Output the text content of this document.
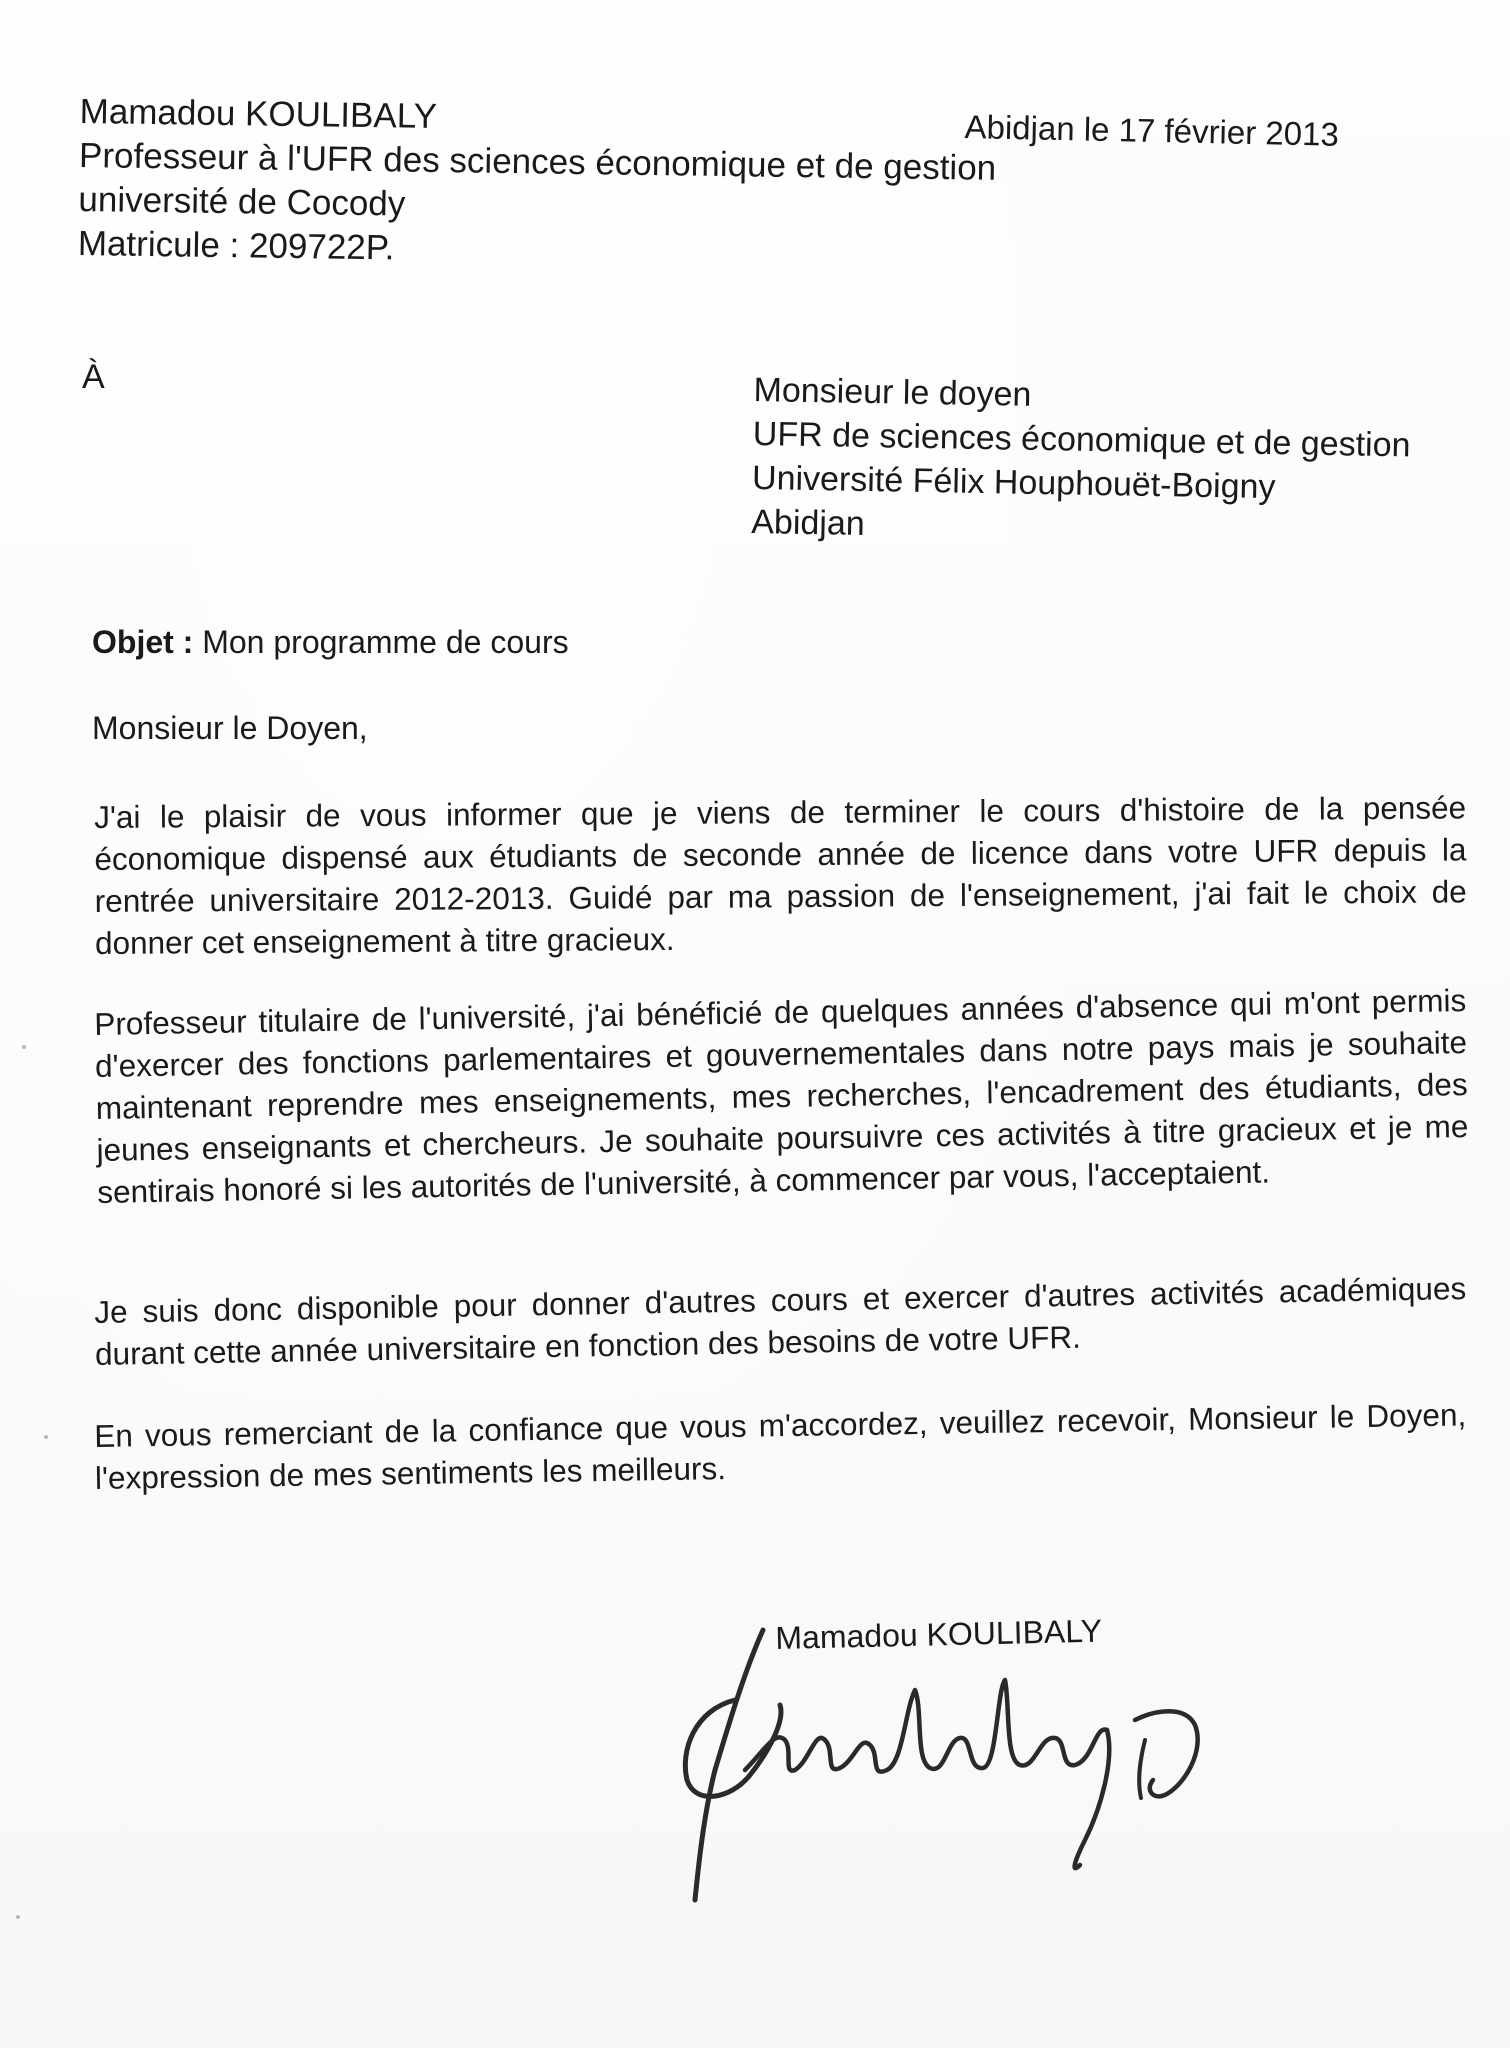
Mamadou KOULIBALY
Professeur à l'UFR des sciences économique et de gestion
université de Cocody
Matricule : 209722P.
Abidjan le 17 février 2013
À	Monsieur le doyen
UFR de sciences économique et de gestion
Université Félix Houphouët-Boigny
Abidjan
Objet : Mon programme de cours
Monsieur le Doyen,
J'ai le plaisir de vous informer que je viens de terminer le cours d'histoire de la pensée économique dispensé aux étudiants de seconde année de licence dans votre UFR depuis la rentrée universitaire 2012-2013. Guidé par ma passion de l'enseignement, j'ai fait le choix de donner cet enseignement à titre gracieux.
Professeur titulaire de l'université, j'ai bénéficié de quelques années d'absence qui m'ont permis d'exercer des fonctions parlementaires et gouvernementales dans notre pays mais je souhaite maintenant reprendre mes enseignements, mes recherches, l'encadrement des étudiants, des jeunes enseignants et chercheurs. Je souhaite poursuivre ces activités à titre gracieux et je me sentirais honoré si les autorités de l'université, à commencer par vous, l'acceptaient.
Je suis donc disponible pour donner d'autres cours et exercer d'autres activités académiques durant cette année universitaire en fonction des besoins de votre UFR.
En vous remerciant de la confiance que vous m'accordez, veuillez recevoir, Monsieur le Doyen, l'expression de mes sentiments les meilleurs.
Mamadou KOULIBALY
